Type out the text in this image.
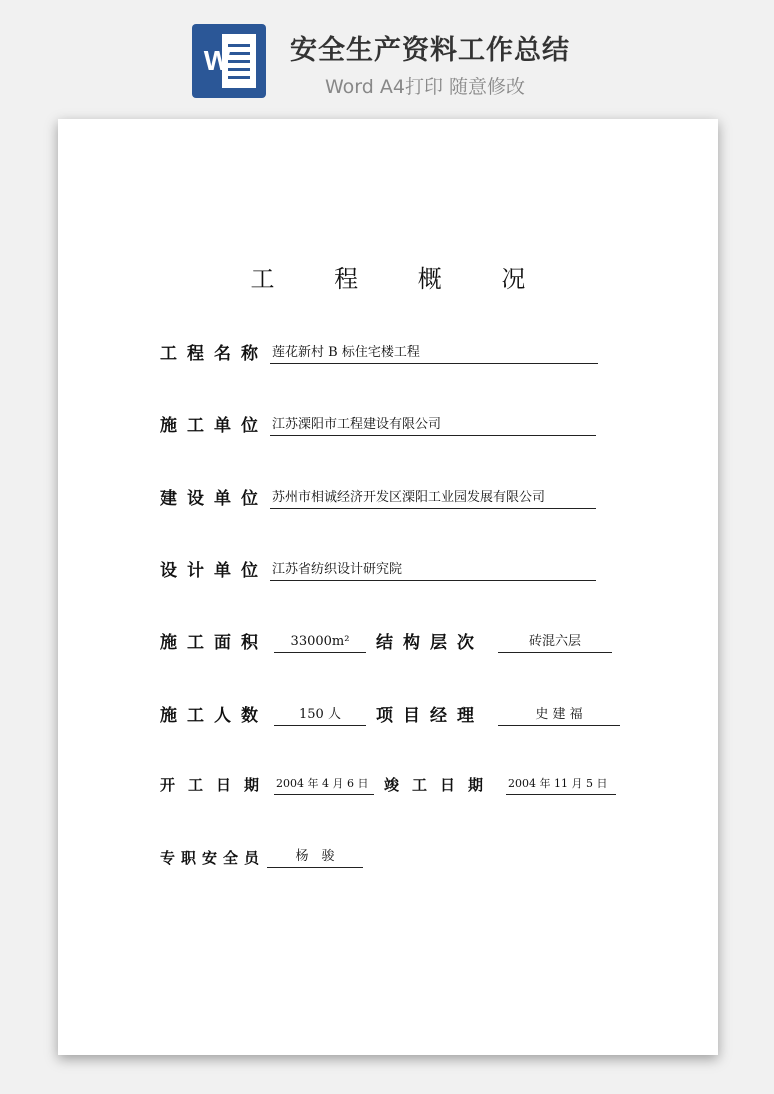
W 安全生产资料工作总结
Word A4打印 随意修改
工 程 概 况
工程名称 莲花新村 B 标住宅楼工程
施工单位 江苏溧阳市工程建设有限公司
建设单位 苏州市相诚经济开发区溧阳工业园发展有限公司
设计单位 江苏省纺织设计研究院
施工面积	33000m²	结构层次	砖混六层
施工人数	150 人	项目经理	史 建 福
开工日期 2004 年 4 月 6 日	竣工日期 2004 年 11 月 5 日
专职安全员	杨　骏
